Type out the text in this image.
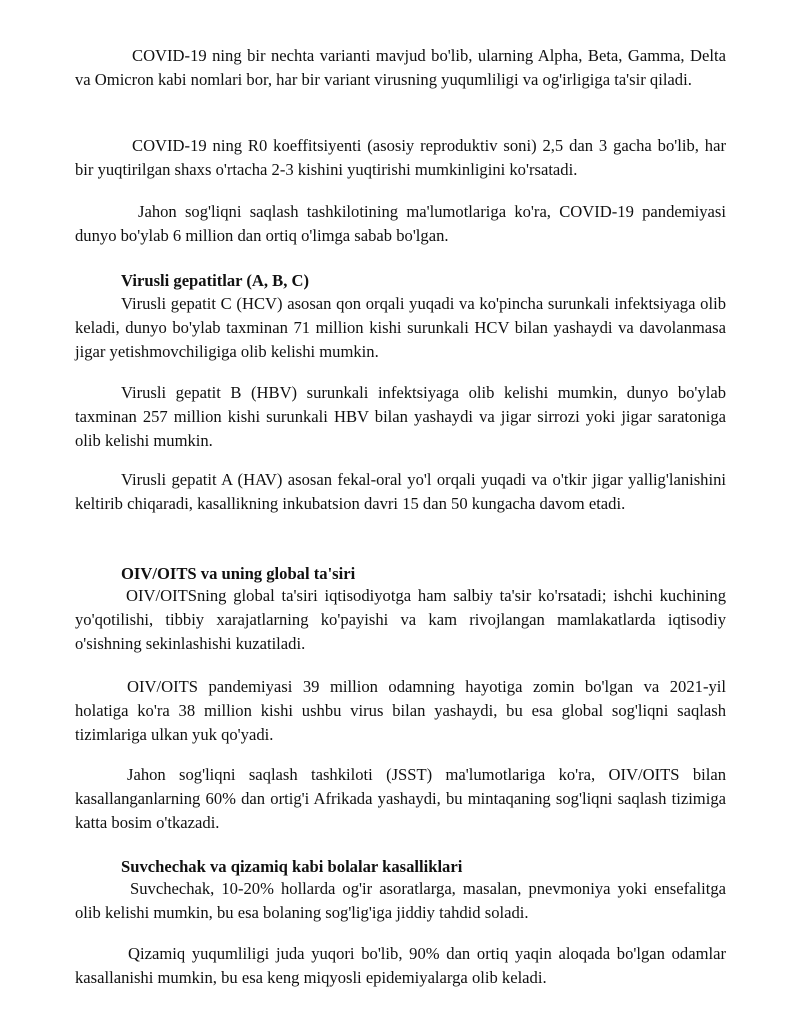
COVID-19 ning bir nechta varianti mavjud bo'lib, ularning Alpha, Beta, Gamma, Delta va Omicron kabi nomlari bor, har bir variant virusning yuqumliligi va og'irligiga ta'sir qiladi.

COVID-19 ning R0 koeffitsiyenti (asosiy reproduktiv soni) 2,5 dan 3 gacha bo'lib, har bir yuqtirilgan shaxs o'rtacha 2-3 kishini yuqtirishi mumkinligini ko'rsatadi.

Jahon sog'liqni saqlash tashkilotining ma'lumotlariga ko'ra, COVID-19 pandemiyasi dunyo bo'ylab 6 million dan ortiq o'limga sabab bo'lgan.

Virusli gepatitlar (A, B, C)

Virusli gepatit C (HCV) asosan qon orqali yuqadi va ko'pincha surunkali infektsiyaga olib keladi, dunyo bo'ylab taxminan 71 million kishi surunkali HCV bilan yashaydi va davolanmasa jigar yetishmovchiligiga olib kelishi mumkin.

Virusli gepatit B (HBV) surunkali infektsiyaga olib kelishi mumkin, dunyo bo'ylab taxminan 257 million kishi surunkali HBV bilan yashaydi va jigar sirrozi yoki jigar saratoniga olib kelishi mumkin.

Virusli gepatit A (HAV) asosan fekal-oral yo'l orqali yuqadi va o'tkir jigar yallig'lanishini keltirib chiqaradi, kasallikning inkubatsion davri 15 dan 50 kungacha davom etadi.

OIV/OITS va uning global ta'siri

OIV/OITSning global ta'siri iqtisodiyotga ham salbiy ta'sir ko'rsatadi; ishchi kuchining yo'qotilishi, tibbiy xarajatlarning ko'payishi va kam rivojlangan mamlakatlarda iqtisodiy o'sishning sekinlashishi kuzatiladi.

OIV/OITS pandemiyasi 39 million odamning hayotiga zomin bo'lgan va 2021-yil holatiga ko'ra 38 million kishi ushbu virus bilan yashaydi, bu esa global sog'liqni saqlash tizimlariga ulkan yuk qo'yadi.

Jahon sog'liqni saqlash tashkiloti (JSST) ma'lumotlariga ko'ra, OIV/OITS bilan kasallanganlarning 60% dan ortig'i Afrikada yashaydi, bu mintaqaning sog'liqni saqlash tizimiga katta bosim o'tkazadi.

Suvchechak va qizamiq kabi bolalar kasalliklari

Suvchechak, 10-20% hollarda og'ir asoratlarga, masalan, pnevmoniya yoki ensefalitga olib kelishi mumkin, bu esa bolaning sog'lig'iga jiddiy tahdid soladi.

Qizamiq yuqumliligi juda yuqori bo'lib, 90% dan ortiq yaqin aloqada bo'lgan odamlar kasallanishi mumkin, bu esa keng miqyosli epidemiyalarga olib keladi.
